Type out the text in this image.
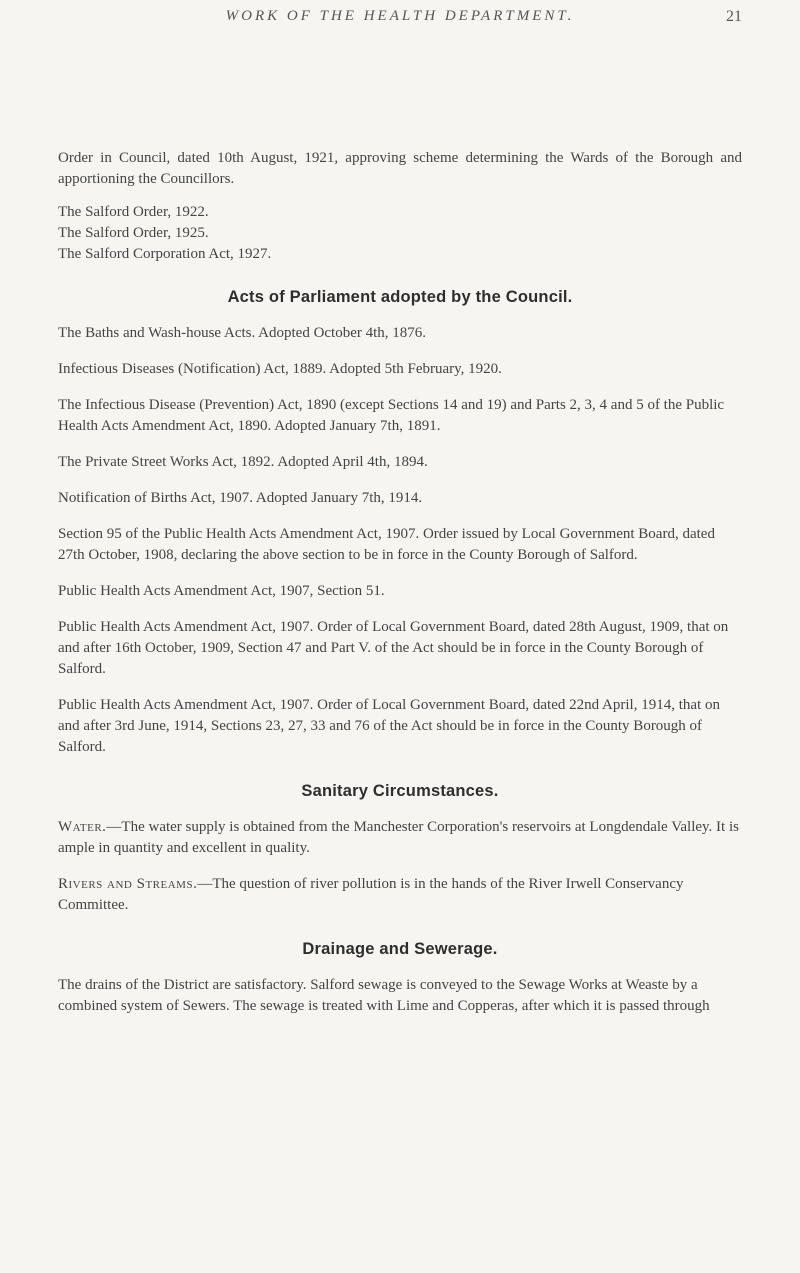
WORK OF THE HEALTH DEPARTMENT.	21

Order in Council, dated 10th August, 1921, approving scheme determining the Wards of the Borough and apportioning the Councillors.

The Salford Order, 1922.
The Salford Order, 1925.
The Salford Corporation Act, 1927.
Acts of Parliament adopted by the Council.

The Baths and Wash-house Acts. Adopted October 4th, 1876.

Infectious Diseases (Notification) Act, 1889. Adopted 5th February, 1920.

The Infectious Disease (Prevention) Act, 1890 (except Sections 14 and 19) and Parts 2, 3, 4 and 5 of the Public Health Acts Amendment Act, 1890. Adopted January 7th, 1891.

The Private Street Works Act, 1892. Adopted April 4th, 1894.

Notification of Births Act, 1907. Adopted January 7th, 1914.

Section 95 of the Public Health Acts Amendment Act, 1907. Order issued by Local Government Board, dated 27th October, 1908, declaring the above section to be in force in the County Borough of Salford.

Public Health Acts Amendment Act, 1907, Section 51.

Public Health Acts Amendment Act, 1907. Order of Local Government Board, dated 28th August, 1909, that on and after 16th October, 1909, Section 47 and Part V. of the Act should be in force in the County Borough of Salford.

Public Health Acts Amendment Act, 1907. Order of Local Government Board, dated 22nd April, 1914, that on and after 3rd June, 1914, Sections 23, 27, 33 and 76 of the Act should be in force in the County Borough of Salford.

Sanitary Circumstances.

Water.—The water supply is obtained from the Manchester Corporation's reservoirs at Longdendale Valley. It is ample in quantity and excellent in quality.

Rivers and Streams.—The question of river pollution is in the hands of the River Irwell Conservancy Committee.

Drainage and Sewerage.

The drains of the District are satisfactory. Salford sewage is conveyed to the Sewage Works at Weaste by a combined system of Sewers. The sewage is treated with Lime and Copperas, after which it is passed through
